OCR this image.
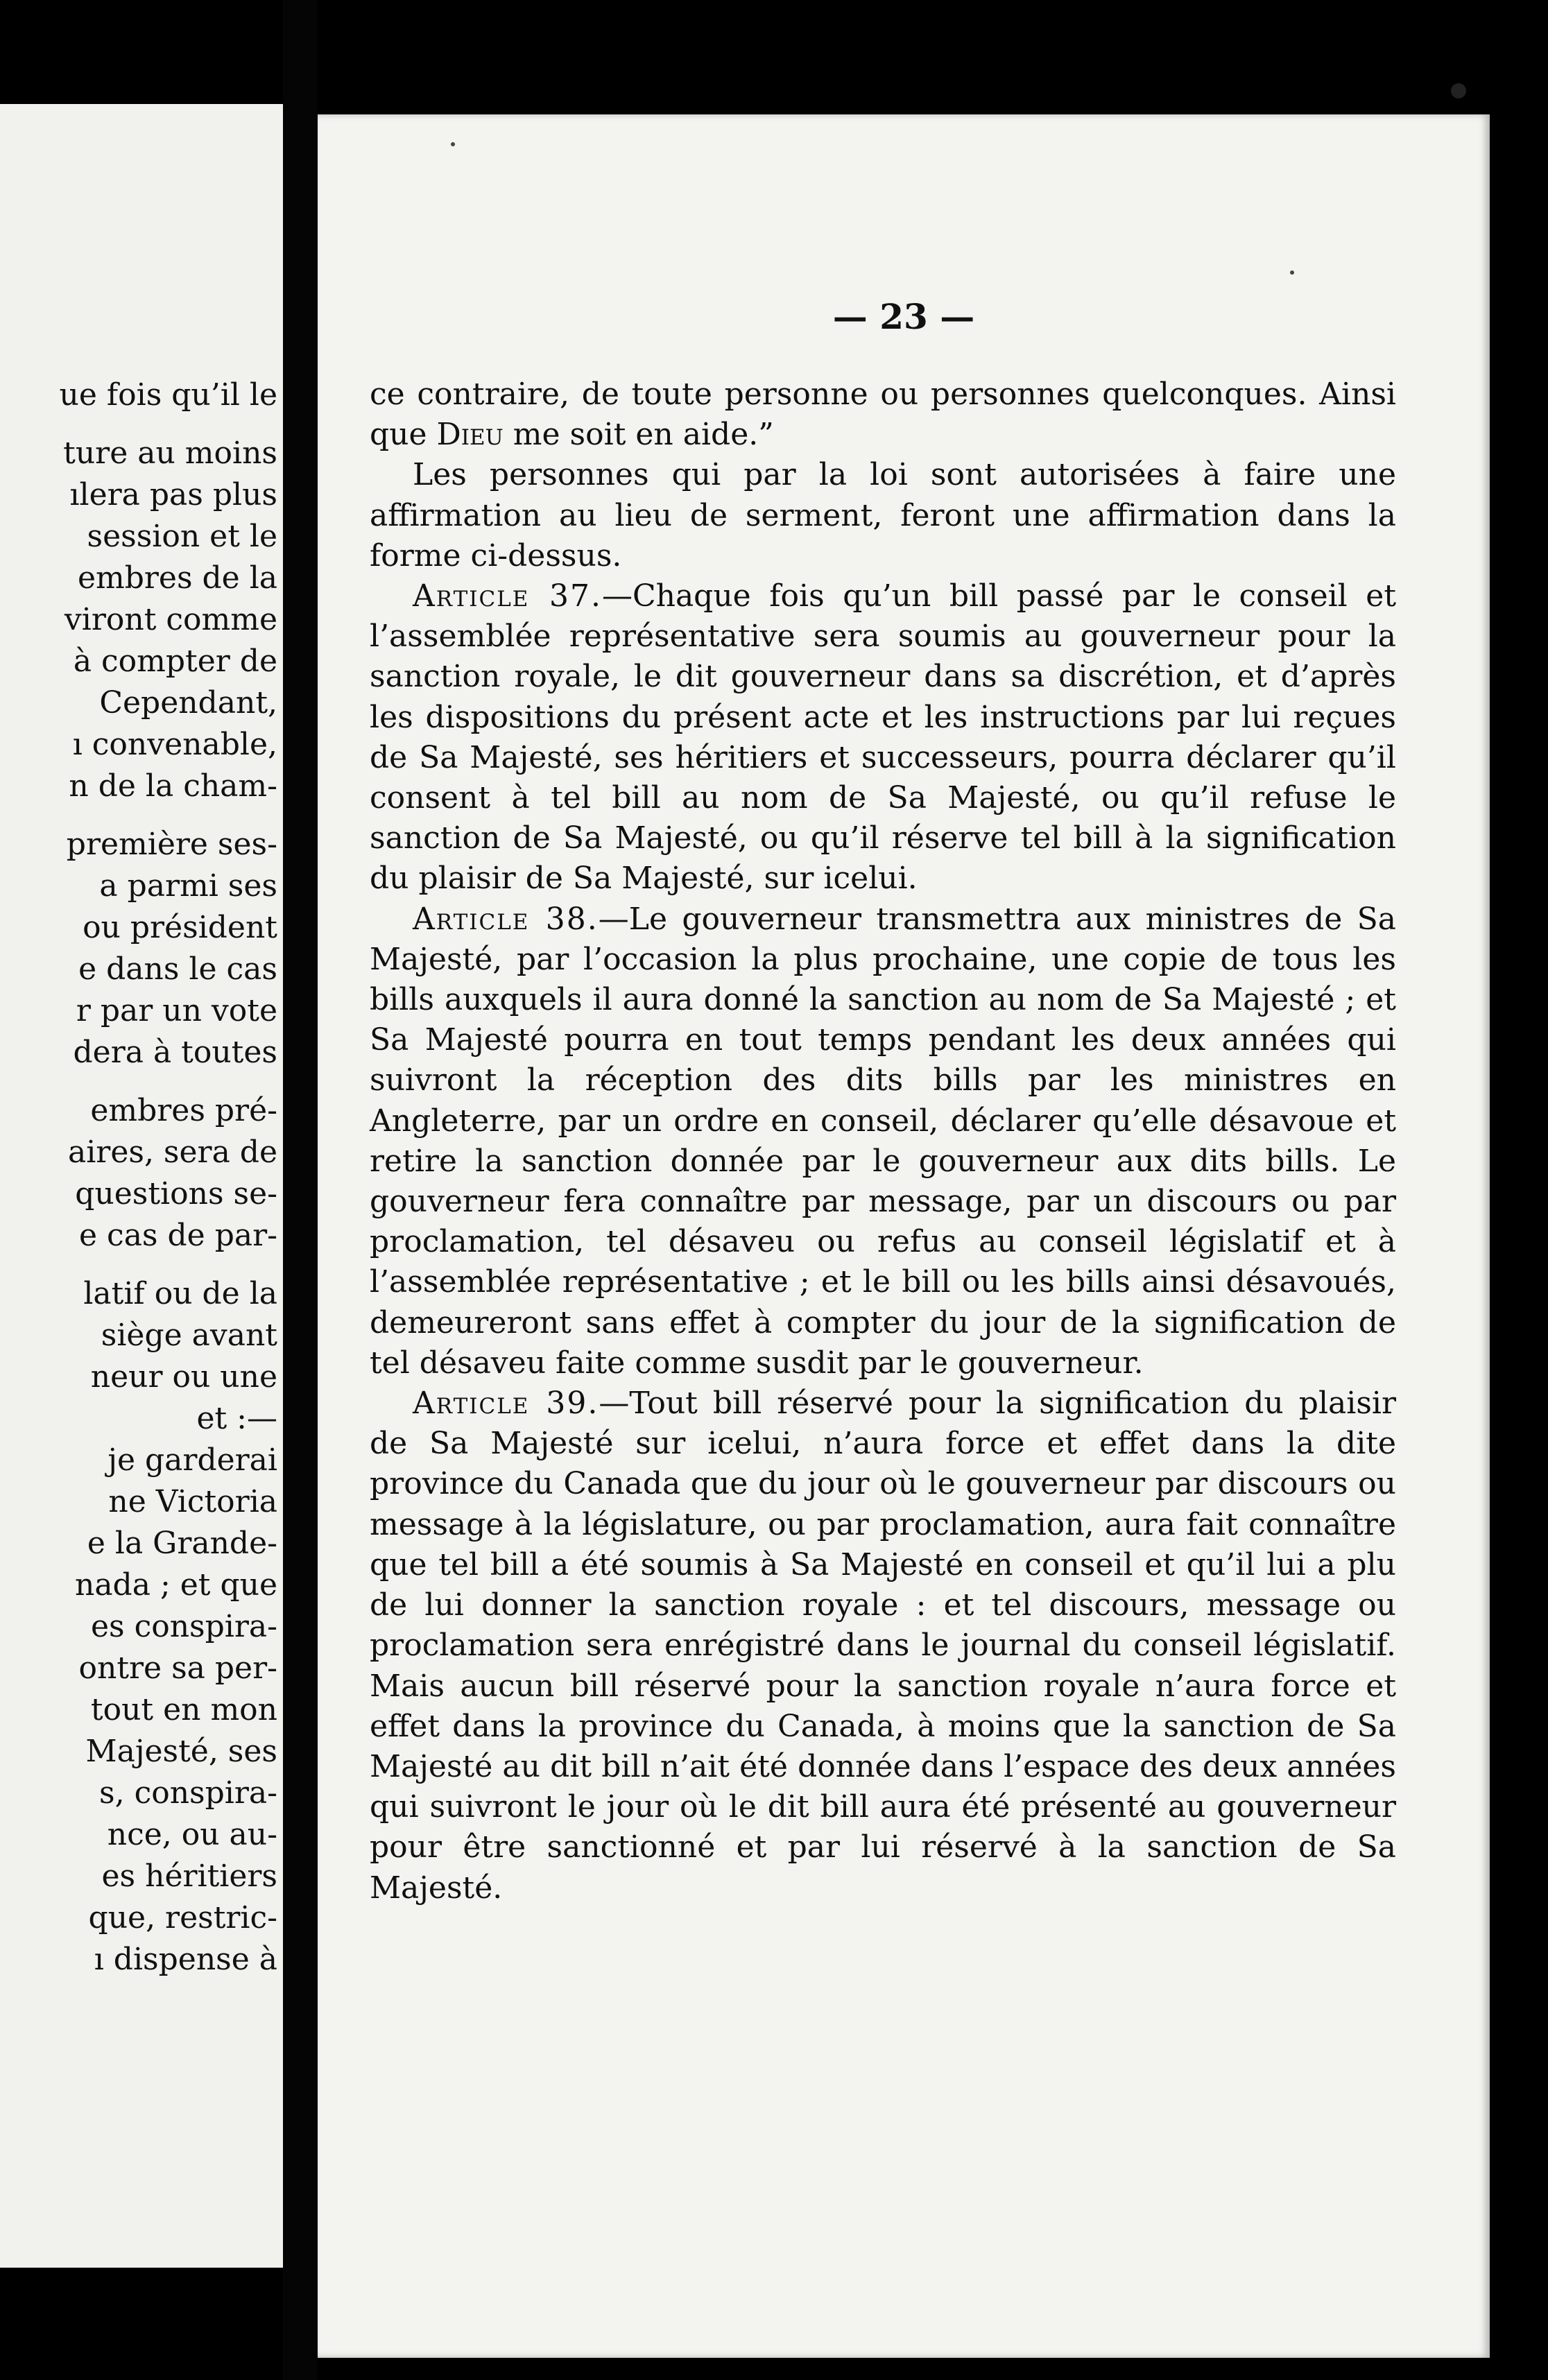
ue fois qu’il le
ture au moins
ılera pas plus
session et le
embres de la
viront comme
à compter de
Cependant,
ı convenable,
n de la cham-
première ses-
a parmi ses
ou président
e dans le cas
r par un vote
dera à toutes
embres pré-
aires, sera de
questions se-
e cas de par-
latif ou de la
siège avant
neur ou une
et :—
je garderai
ne Victoria
e la Grande-
nada ; et que
es conspira-
ontre sa per-
tout en mon
Majesté, ses
s, conspira-
nce, ou au-
es héritiers
que, restric-
ı dispense à
— 23 —

ce contraire, de toute personne ou personnes quelconques. Ainsi que Dieu me soit en aide.”

Les personnes qui par la loi sont autorisées à faire une affirmation au lieu de serment, feront une affirmation dans la forme ci-dessus.

Article 37.—Chaque fois qu’un bill passé par le conseil et l’assemblée représentative sera soumis au gouverneur pour la sanction royale, le dit gouverneur dans sa discrétion, et d’après les dispositions du présent acte et les instructions par lui reçues de Sa Majesté, ses héritiers et successeurs, pourra déclarer qu’il consent à tel bill au nom de Sa Majesté, ou qu’il refuse le sanction de Sa Majesté, ou qu’il réserve tel bill à la signification du plaisir de Sa Majesté, sur icelui.

Article 38.—Le gouverneur transmettra aux ministres de Sa Majesté, par l’occasion la plus prochaine, une copie de tous les bills auxquels il aura donné la sanction au nom de Sa Majesté ; et Sa Majesté pourra en tout temps pendant les deux années qui suivront la réception des dits bills par les ministres en Angleterre, par un ordre en conseil, déclarer qu’elle désavoue et retire la sanction donnée par le gouverneur aux dits bills. Le gouverneur fera connaître par message, par un discours ou par proclamation, tel désaveu ou refus au conseil législatif et à l’assemblée représentative ; et le bill ou les bills ainsi désavoués, demeureront sans effet à compter du jour de la signification de tel désaveu faite comme susdit par le gouverneur.

Article 39.—Tout bill réservé pour la signification du plaisir de Sa Majesté sur icelui, n’aura force et effet dans la dite province du Canada que du jour où le gouverneur par discours ou message à la législature, ou par proclamation, aura fait connaître que tel bill a été soumis à Sa Majesté en conseil et qu’il lui a plu de lui donner la sanction royale : et tel discours, message ou proclamation sera enrégistré dans le journal du conseil législatif. Mais aucun bill réservé pour la sanction royale n’aura force et effet dans la province du Canada, à moins que la sanction de Sa Majesté au dit bill n’ait été donnée dans l’espace des deux années qui suivront le jour où le dit bill aura été présenté au gouverneur pour être sanctionné et par lui réservé à la sanction de Sa Majesté.
